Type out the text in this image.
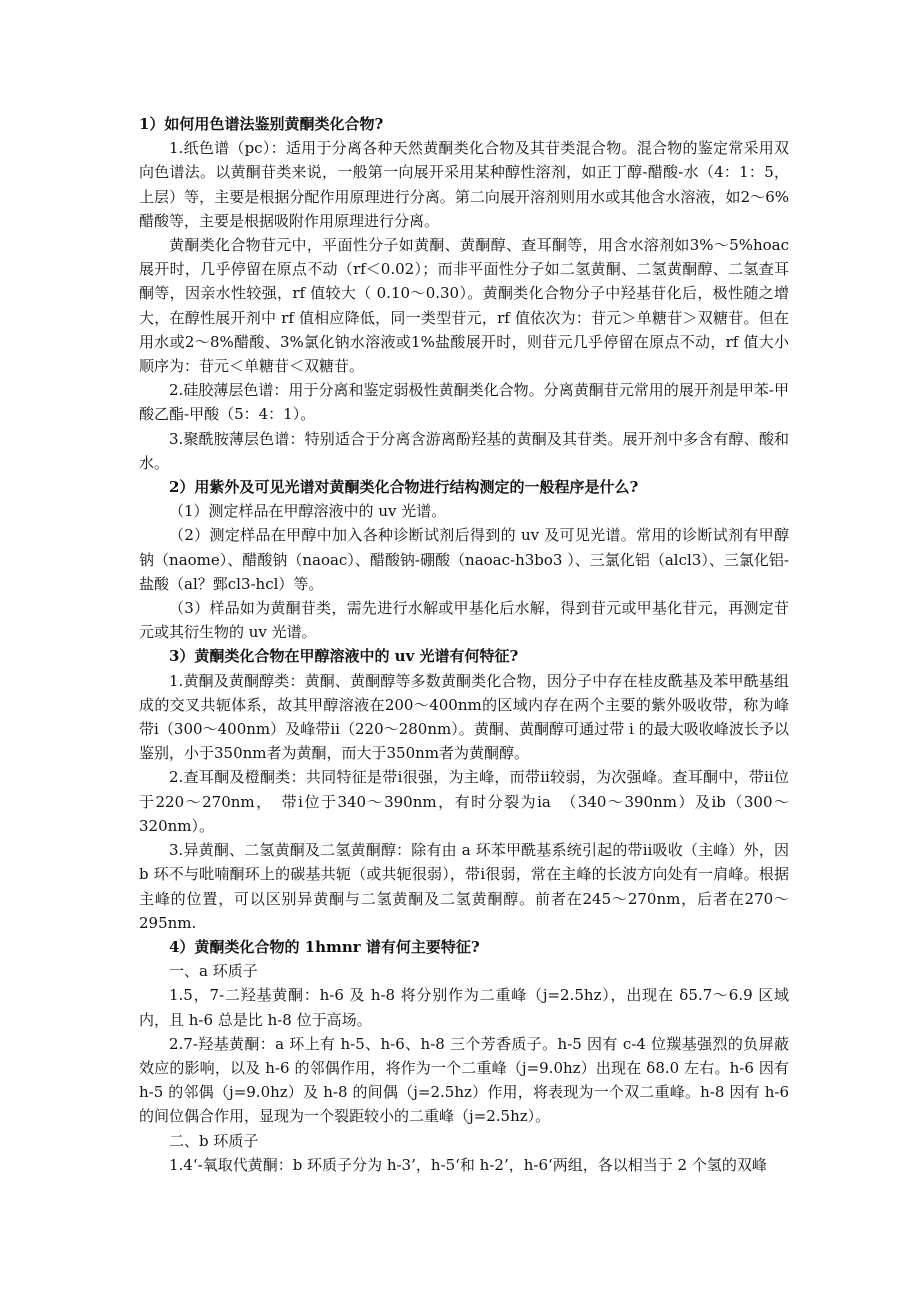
1）如何用色谱法鉴别黄酮类化合物?

1.纸色谱（pc）：适用于分离各种天然黄酮类化合物及其苷类混合物。混合物的鉴定常采用双向色谱法。以黄酮苷类来说，一般第一向展开采用某种醇性溶剂，如正丁醇-醋酸-水（4：1：5，上层）等，主要是根据分配作用原理进行分离。第二向展开溶剂则用水或其他含水溶液，如2～6%醋酸等，主要是根据吸附作用原理进行分离。

黄酮类化合物苷元中，平面性分子如黄酮、黄酮醇、查耳酮等，用含水溶剂如3%～5%hoac展开时，几乎停留在原点不动（rf＜0.02）；而非平面性分子如二氢黄酮、二氢黄酮醇、二氢查耳酮等，因亲水性较强，rf 值较大（ 0.10～0.30）。黄酮类化合物分子中羟基苷化后，极性随之增大，在醇性展开剂中 rf 值相应降低，同一类型苷元，rf 值依次为：苷元＞单糖苷＞双糖苷。但在用水或2～8%醋酸、3%氯化钠水溶液或1%盐酸展开时，则苷元几乎停留在原点不动，rf 值大小顺序为：苷元＜单糖苷＜双糖苷。

2.硅胶薄层色谱：用于分离和鉴定弱极性黄酮类化合物。分离黄酮苷元常用的展开剂是甲苯-甲酸乙酯-甲酸（5：4：1）。

3.聚酰胺薄层色谱：特别适合于分离含游离酚羟基的黄酮及其苷类。展开剂中多含有醇、酸和水。

2）用紫外及可见光谱对黄酮类化合物进行结构测定的一般程序是什么?

（1）测定样品在甲醇溶液中的 uv 光谱。

（2）测定样品在甲醇中加入各种诊断试剂后得到的 uv 及可见光谱。常用的诊断试剂有甲醇钠（naome）、醋酸钠（naoac）、醋酸钠-硼酸（naoac-h3bo3 ）、三氯化铝（alcl3）、三氯化铝-盐酸（al？鄄cl3-hcl）等。

（3）样品如为黄酮苷类，需先进行水解或甲基化后水解，得到苷元或甲基化苷元，再测定苷元或其衍生物的 uv 光谱。

3）黄酮类化合物在甲醇溶液中的 uv 光谱有何特征?

1.黄酮及黄酮醇类：黄酮、黄酮醇等多数黄酮类化合物，因分子中存在桂皮酰基及苯甲酰基组成的交叉共轭体系，故其甲醇溶液在200～400nm的区域内存在两个主要的紫外吸收带，称为峰带i（300～400nm）及峰带ii（220～280nm）。黄酮、黄酮醇可通过带 i 的最大吸收峰波长予以鉴别，小于350nm者为黄酮，而大于350nm者为黄酮醇。

2.查耳酮及橙酮类：共同特征是带i很强，为主峰，而带ii较弱，为次强峰。查耳酮中，带ii位于220～270nm，　带i位于340～390nm，有时分裂为ia　（340～390nm）及ib（300～320nm）。

3.异黄酮、二氢黄酮及二氢黄酮醇：除有由 a 环苯甲酰基系统引起的带ii吸收（主峰）外，因 b 环不与吡喃酮环上的碳基共轭（或共轭很弱），带i很弱，常在主峰的长波方向处有一肩峰。根据主峰的位置，可以区别异黄酮与二氢黄酮及二氢黄酮醇。前者在245～270nm，后者在270～295nm.

4）黄酮类化合物的 1hmnr 谱有何主要特征?

一、a 环质子

1.5，7-二羟基黄酮：h-6 及 h-8 将分别作为二重峰（j=2.5hz），出现在 δ5.7～6.9 区域内，且 h-6 总是比 h-8 位于高场。

2.7-羟基黄酮：a 环上有 h-5、h-6、h-8 三个芳香质子。h-5 因有 c-4 位羰基强烈的负屏蔽效应的影响，以及 h-6 的邻偶作用，将作为一个二重峰（j=9.0hz）出现在 δ8.0 左右。h-6 因有 h-5 的邻偶（j=9.0hz）及 h-8 的间偶（j=2.5hz）作用，将表现为一个双二重峰。h-8 因有 h-6 的间位偶合作用，显现为一个裂距较小的二重峰（j=2.5hz）。

二、b 环质子

1.4‘-氧取代黄酮：b 环质子分为 h-3’，h-5‘和 h-2’，h-6‘两组，各以相当于 2 个氢的双峰
